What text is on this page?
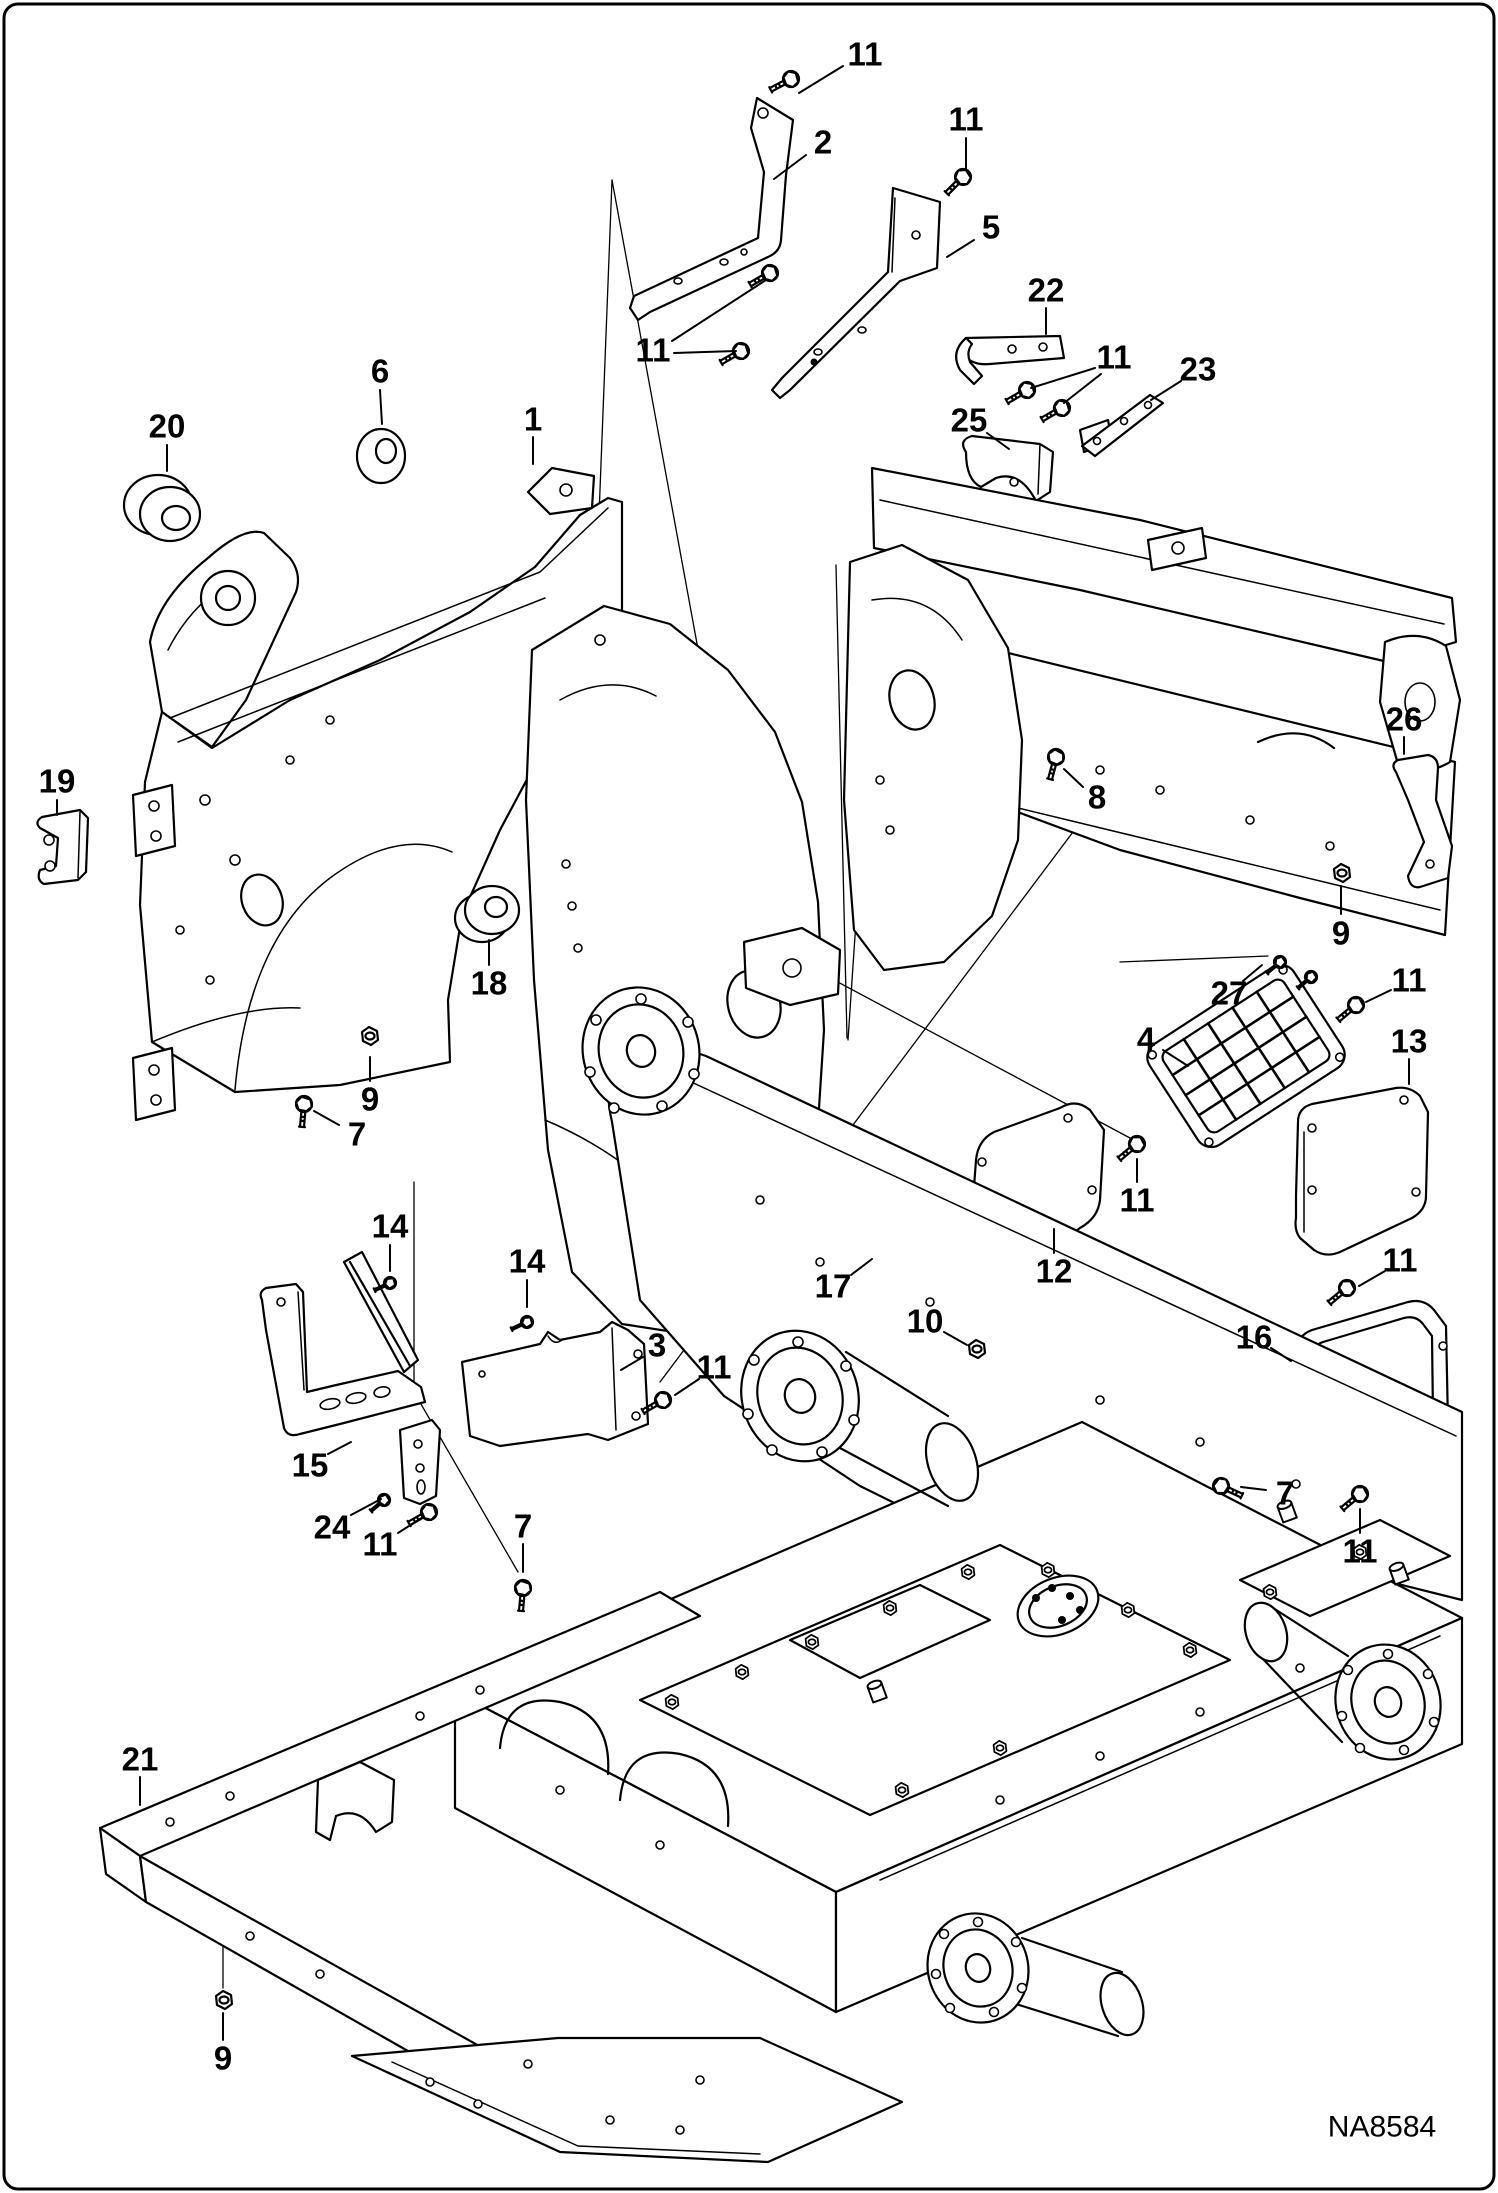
11
2
11
5
22
11 23
25
11
6
20	1
19
26
8
9
18	27	11
4	13
9
7
11
12
17
10
14
14
3
11
11
16
15
24 11	7
7
11
21
9
NA8584
